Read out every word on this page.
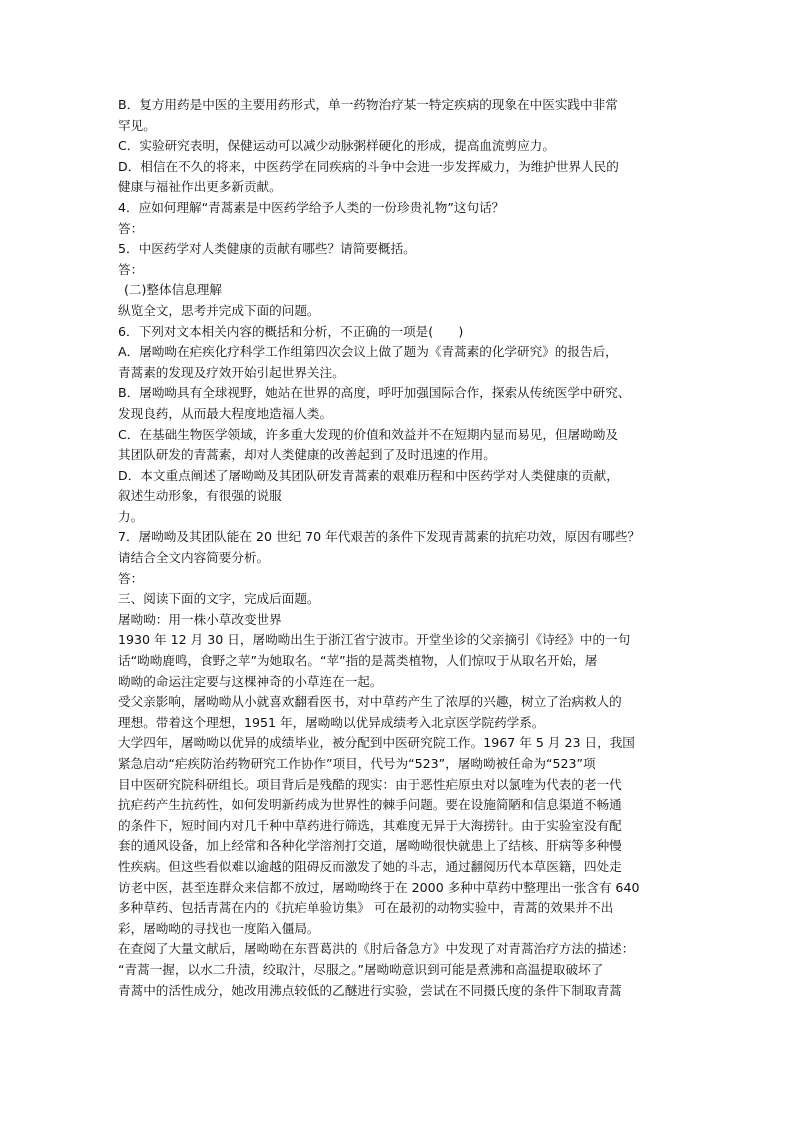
B．复方用药是中医的主要用药形式，单一药物治疗某一特定疾病的现象在中医实践中非常
罕见。
C．实验研究表明，保健运动可以减少动脉粥样硬化的形成，提高血流剪应力。
D．相信在不久的将来，中医药学在同疾病的斗争中会进一步发挥威力，为维护世界人民的
健康与福祉作出更多新贡献。
4．应如何理解“青蒿素是中医药学给予人类的一份珍贵礼物”这句话？
答：
5．中医药学对人类健康的贡献有哪些？请简要概括。
答：
(二)整体信息理解
纵览全文，思考并完成下面的问题。
6．下列对文本相关内容的概括和分析，不正确的一项是(　　)
A．屠呦呦在疟疾化疗科学工作组第四次会议上做了题为《青蒿素的化学研究》的报告后，
青蒿素的发现及疗效开始引起世界关注。
B．屠呦呦具有全球视野，她站在世界的高度，呼吁加强国际合作，探索从传统医学中研究、
发现良药，从而最大程度地造福人类。
C．在基础生物医学领域，许多重大发现的价值和效益并不在短期内显而易见，但屠呦呦及
其团队研发的青蒿素，却对人类健康的改善起到了及时迅速的作用。
D．本文重点阐述了屠呦呦及其团队研发青蒿素的艰难历程和中医药学对人类健康的贡献，
叙述生动形象，有很强的说服
力。
7．屠呦呦及其团队能在 20 世纪 70 年代艰苦的条件下发现青蒿素的抗疟功效，原因有哪些？
请结合全文内容简要分析。
答：
三、阅读下面的文字，完成后面题。
屠呦呦：用一株小草改变世界
1930 年 12 月 30 日，屠呦呦出生于浙江省宁波市。开堂坐诊的父亲摘引《诗经》中的一句
话“呦呦鹿鸣，食野之苹”为她取名。“苹”指的是蒿类植物，人们惊叹于从取名开始，屠
呦呦的命运注定要与这棵神奇的小草连在一起。
受父亲影响，屠呦呦从小就喜欢翻看医书，对中草药产生了浓厚的兴趣，树立了治病救人的
理想。带着这个理想，1951 年，屠呦呦以优异成绩考入北京医学院药学系。
大学四年，屠呦呦以优异的成绩毕业，被分配到中医研究院工作。1967 年 5 月 23 日，我国
紧急启动“疟疾防治药物研究工作协作”项目，代号为“523”，屠呦呦被任命为“523”项
目中医研究院科研组长。项目背后是残酷的现实：由于恶性疟原虫对以氯喹为代表的老一代
抗疟药产生抗药性，如何发明新药成为世界性的棘手问题。要在设施简陋和信息渠道不畅通
的条件下，短时间内对几千种中草药进行筛选，其难度无异于大海捞针。由于实验室没有配
套的通风设备，加上经常和各种化学溶剂打交道，屠呦呦很快就患上了结核、肝病等多种慢
性疾病。但这些看似难以逾越的阻碍反而激发了她的斗志，通过翻阅历代本草医籍，四处走
访老中医，甚至连群众来信都不放过，屠呦呦终于在 2000 多种中草药中整理出一张含有 640
多种草药、包括青蒿在内的《抗疟单验访集》 可在最初的动物实验中，青蒿的效果并不出
彩，屠呦呦的寻找也一度陷入僵局。
在查阅了大量文献后，屠呦呦在东晋葛洪的《肘后备急方》中发现了对青蒿治疗方法的描述：
“青蒿一握，以水二升渍，绞取汁，尽服之。”屠呦呦意识到可能是煮沸和高温提取破坏了
青蒿中的活性成分，她改用沸点较低的乙醚进行实验，尝试在不同摄氏度的条件下制取青蒿
